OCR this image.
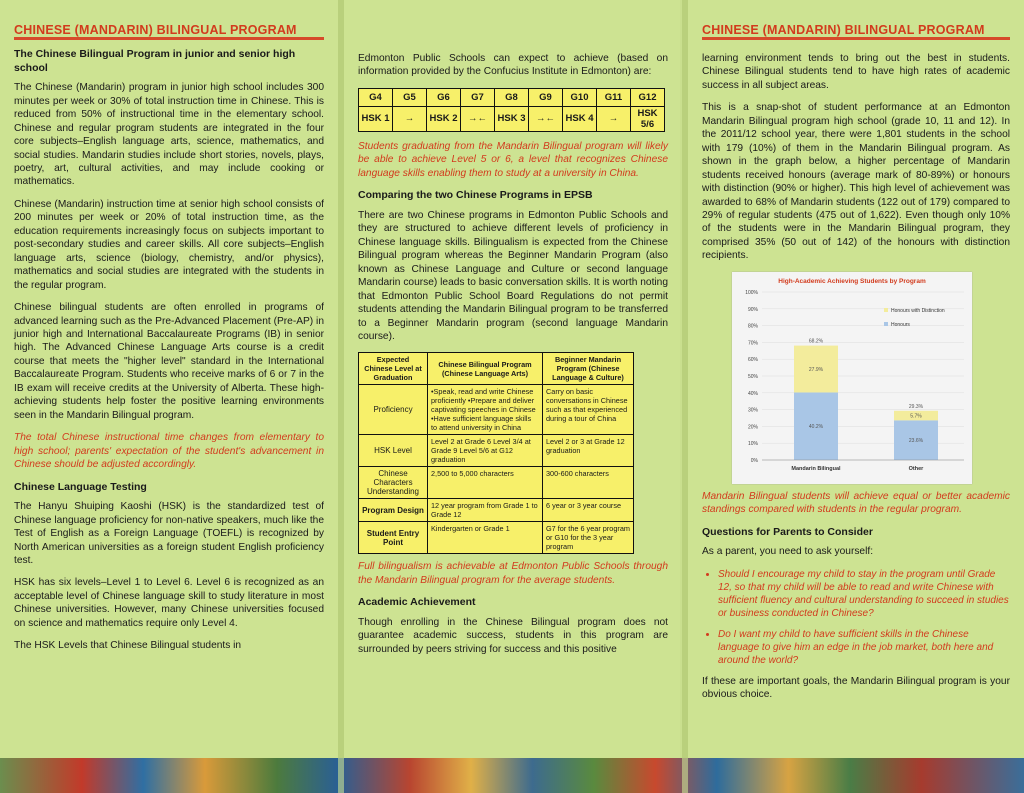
CHINESE (MANDARIN) BILINGUAL PROGRAM
The Chinese Bilingual Program in junior and senior high school

The Chinese (Mandarin) program in junior high school includes 300 minutes per week or 30% of total instruction time in Chinese. This is reduced from 50% of instructional time in the elementary school. Chinese and regular program students are integrated in the four core subjects–English language arts, science, mathematics, and social studies. Mandarin studies include short stories, novels, plays, poetry, art, cultural activities, and may include cooking or mathematics.

Chinese (Mandarin) instruction time at senior high school consists of 200 minutes per week or 20% of total instruction time, as the education requirements increasingly focus on subjects important to post-secondary studies and career skills. All core subjects–English language arts, science (biology, chemistry, and/or physics), mathematics and social studies are integrated with the students in the regular program.

Chinese bilingual students are often enrolled in programs of advanced learning such as the Pre-Advanced Placement (Pre-AP) in junior high and International Baccalaureate Programs (IB) in senior high. The Advanced Chinese Language Arts course is a credit course that meets the "higher level" standard in the International Baccalaureate Program. Students who receive marks of 6 or 7 in the IB exam will receive credits at the University of Alberta. These high-achieving students help foster the positive learning environments seen in the Mandarin Bilingual program.

The total Chinese instructional time changes from elementary to high school; parents' expectation of the student's advancement in Chinese should be adjusted accordingly.

Chinese Language Testing

The Hanyu Shuiping Kaoshi (HSK) is the standardized test of Chinese language proficiency for non-native speakers, much like the Test of English as a Foreign Language (TOEFL) is recognized by North American universities as a foreign student English proficiency test.

HSK has six levels–Level 1 to Level 6. Level 6 is recognized as an acceptable level of Chinese language skill to study literature in most Chinese universities. However, many Chinese universities focused on science and mathematics require only Level 4.

The HSK Levels that Chinese Bilingual students in

Edmonton Public Schools can expect to achieve (based on information provided by the Confucius Institute in Edmonton) are:

G4	G5	G6	G7	G8	G9	G10	G11	G12
HSK 1	→	HSK 2	→←	HSK 3	→←	HSK 4	→	HSK 5/6

Students graduating from the Mandarin Bilingual program will likely be able to achieve Level 5 or 6, a level that recognizes Chinese language skills enabling them to study at a university in China.

Comparing the two Chinese Programs in EPSB

There are two Chinese programs in Edmonton Public Schools and they are structured to achieve different levels of proficiency in Chinese language skills. Bilingualism is expected from the Chinese Bilingual program whereas the Beginner Mandarin Program (also known as Chinese Language and Culture or second language Mandarin course) leads to basic conversation skills. It is worth noting that Edmonton Public School Board Regulations do not permit students attending the Mandarin Bilingual program to be transferred to a Beginner Mandarin program (second language Mandarin course).

Expected Chinese Level at Graduation	Chinese Bilingual Program (Chinese Language Arts)	Beginner Mandarin Program (Chinese Language & Culture)
Proficiency	•Speak, read and write Chinese proficiently •Prepare and deliver captivating speeches in Chinese •Have sufficient language skills to attend university in China	Carry on basic conversations in Chinese such as that experienced during a tour of China
HSK Level	Level 2 at Grade 6 Level 3/4 at Grade 9 Level 5/6 at G12 graduation	Level 2 or 3 at Grade 12 graduation
Chinese Characters Understanding	2,500 to 5,000 characters	300-600 characters
Program Design	12 year program from Grade 1 to Grade 12	6 year or 3 year course
Student Entry Point	Kindergarten or Grade 1	G7 for the 6 year program or G10 for the 3 year program

Full bilingualism is achievable at Edmonton Public Schools through the Mandarin Bilingual program for the average students.

Academic Achievement

Though enrolling in the Chinese Bilingual program does not guarantee academic success, students in this program are surrounded by peers striving for success and this positive

CHINESE (MANDARIN) BILINGUAL PROGRAM

learning environment tends to bring out the best in students. Chinese Bilingual students tend to have high rates of academic success in all subject areas.

This is a snap-shot of student performance at an Edmonton Mandarin Bilingual program high school (grade 10, 11 and 12). In the 2011/12 school year, there were 1,801 students in the school with 179 (10%) of them in the Mandarin Bilingual program. As shown in the graph below, a higher percentage of Mandarin students received honours (average mark of 80-89%) or honours with distinction (90% or higher). This high level of achievement was awarded to 68% of Mandarin students (122 out of 179) compared to 29% of regular students (475 out of 1,622). Even though only 10% of the students were in the Mandarin Bilingual program, they comprised 35% (50 out of 142) of the honours with distinction recipients.

High-Academic Achieving Students by Program
0%
10%
20%
30%
40%
50%
60%
70%
80%
90%
100%
40.2%
27.9%
68.2%
Mandarin Bilingual
23.6%
5.7%
29.3%
Other
Honours with Distinction
Honours

Mandarin Bilingual students will achieve equal or better academic standings compared with students in the regular program.

Questions for Parents to Consider

As a parent, you need to ask yourself:

• Should I encourage my child to stay in the program until Grade 12, so that my child will be able to read and write Chinese with sufficient fluency and cultural understanding to succeed in studies or business conducted in Chinese?
• Do I want my child to have sufficient skills in the Chinese language to give him an edge in the job market, both here and around the world?

If these are important goals, the Mandarin Bilingual program is your obvious choice.
